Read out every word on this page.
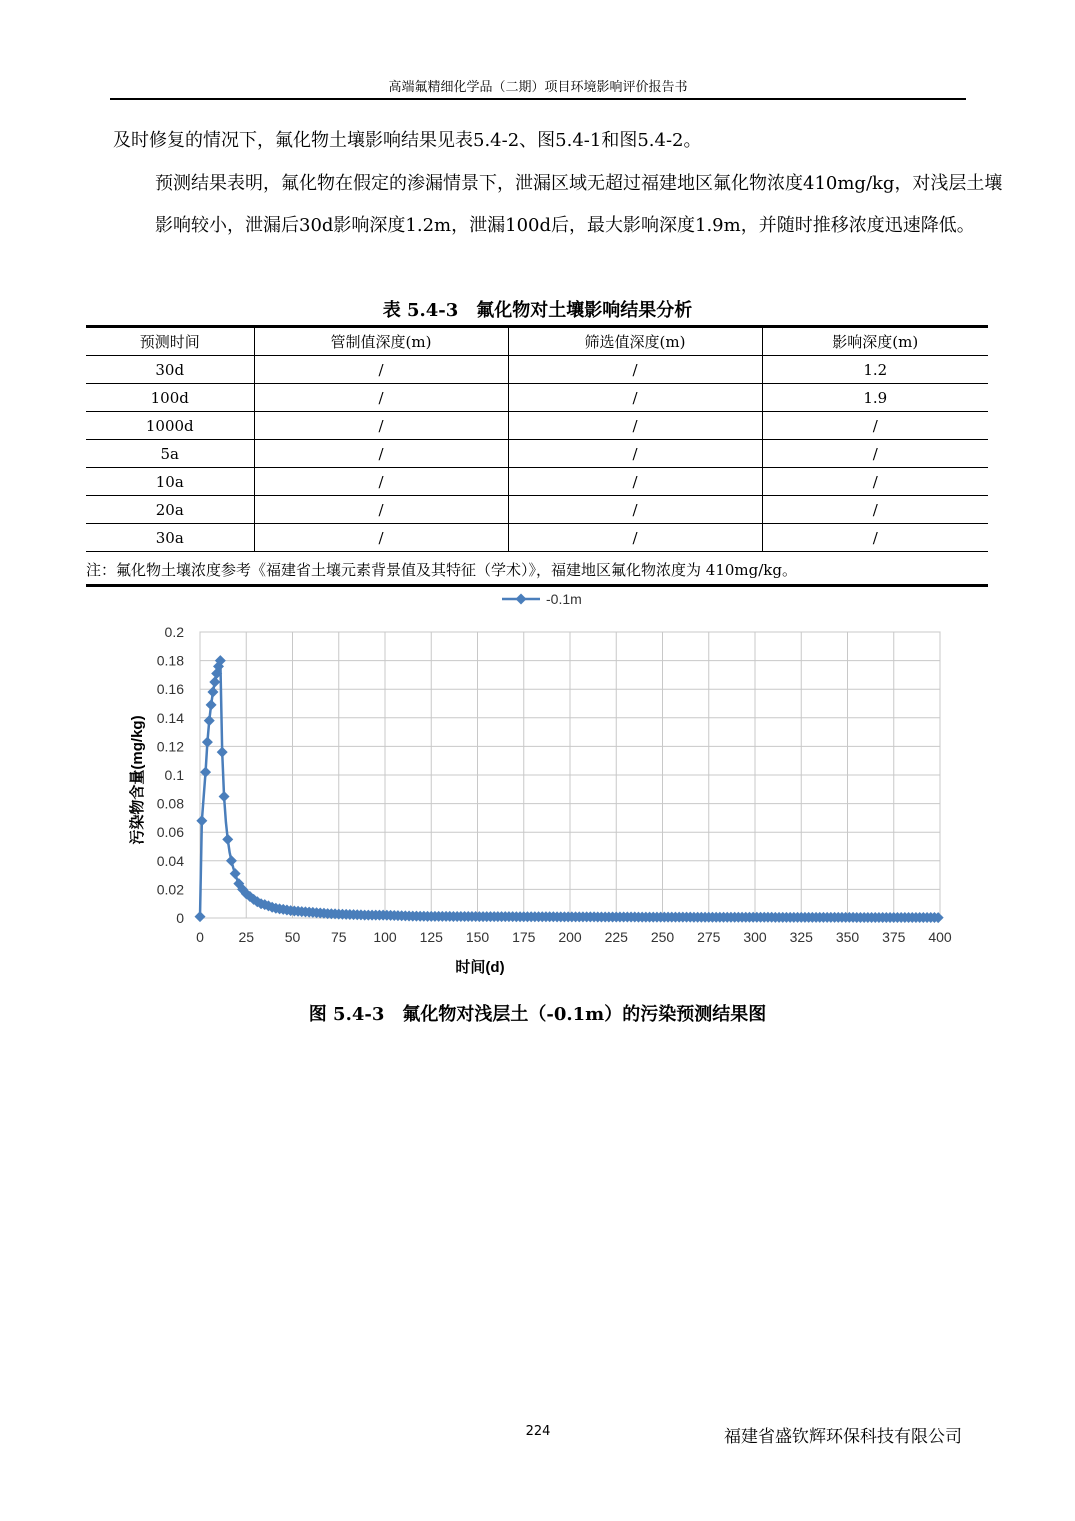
高端氟精细化学品（二期）项目环境影响评价报告书
及时修复的情况下，氟化物土壤影响结果见表5.4-2、图5.4-1和图5.4-2。
预测结果表明，氟化物在假定的渗漏情景下，泄漏区域无超过福建地区氟化物浓度410mg/kg，对浅层土壤影响较小，泄漏后30d影响深度1.2m，泄漏100d后，最大影响深度1.9m，并随时推移浓度迅速降低。
表 5.4-3　氟化物对土壤影响结果分析
预测时间	管制值深度(m)	筛选值深度(m)	影响深度(m)
30d	/	/	1.2
100d	/	/	1.9
1000d	/	/	/
5a	/	/	/
10a	/	/	/
20a	/	/	/
30a	/	/	/
注：氟化物土壤浓度参考《福建省土壤元素背景值及其特征（学术）》，福建地区氟化物浓度为 410mg/kg。
0 25 50 75 100 125 150 175 200 225 250 275 300 325 350 375 400
0
0.02
0.04
0.06
0.08
0.1
0.12
0.14
0.16
0.18
0.2
时间(d)
污染物含量(mg/kg)
-0.1m
图 5.4-3　氟化物对浅层土（-0.1m）的污染预测结果图
224	福建省盛钦辉环保科技有限公司
